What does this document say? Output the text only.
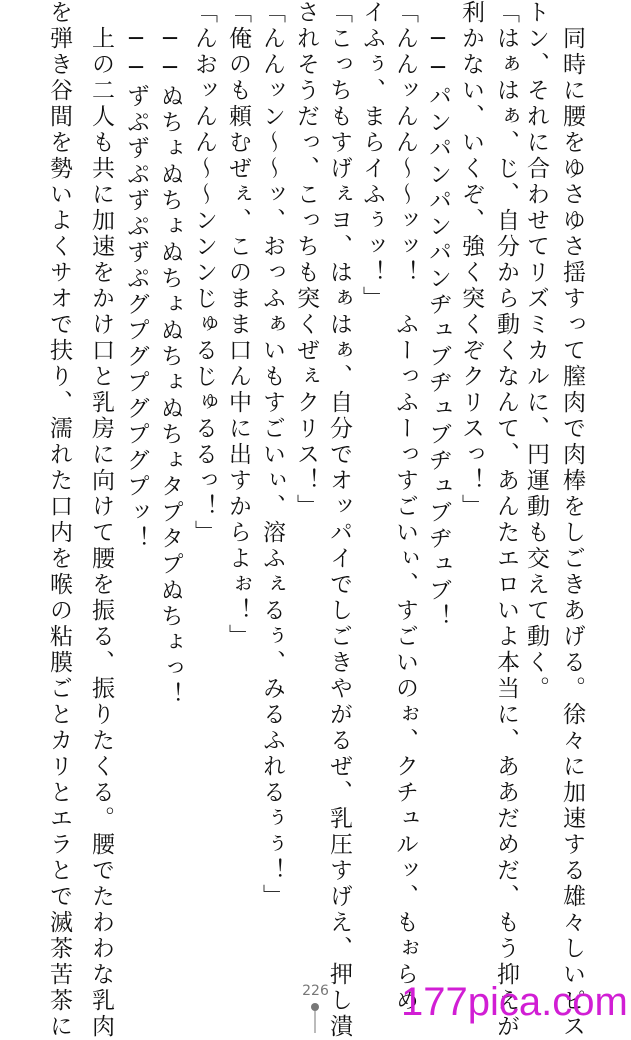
　同時に腰をゆさゆさ揺すって膣肉で肉棒をしごきあげる。徐々に加速する雄々しいピス
トン、それに合わせてリズミカルに、円運動も交えて動く。
「はぁはぁ、じ、自分から動くなんて、あんたエロいよ本当に、ああだめだ、もう抑えが
利かない、いくぞ、強く突くぞクリスっ！」
　──パンパンパンパンヂュブヂュブヂュブヂュブ！
「んんッんん〜〜ッッ！　ふーっふーっすごいぃ、すごいのぉ、クチュルッ、もぉらめ
イふぅ、まらイふぅッ！」
「こっちもすげぇヨ、はぁはぁ、自分でオッパイでしごきやがるぜ、乳圧すげえ、押し潰
されそうだっ、こっちも突くぜぇクリス！」
「んんッン〜〜ッ、おっふぁいもすごいぃ、溶ふぇるぅ、みるふれるぅぅ！」
「俺のも頼むぜぇ、このまま口ん中に出すからよぉ！」
「んおッんん〜〜ンンンじゅるじゅるるっ！」
　──ぬちょぬちょぬちょぬちょぬちょタプタプぬちょっ！
　──ずぷずぷずぷずぷグプグプグプグプッ！
　上の二人も共に加速をかけ口と乳房に向けて腰を振る、振りたくる。腰でたわわな乳肉
を弾き谷間を勢いよくサオで扶り、濡れた口内を喉の粘膜ごとカリとエラとで滅茶苦茶に	226	177pica.com
